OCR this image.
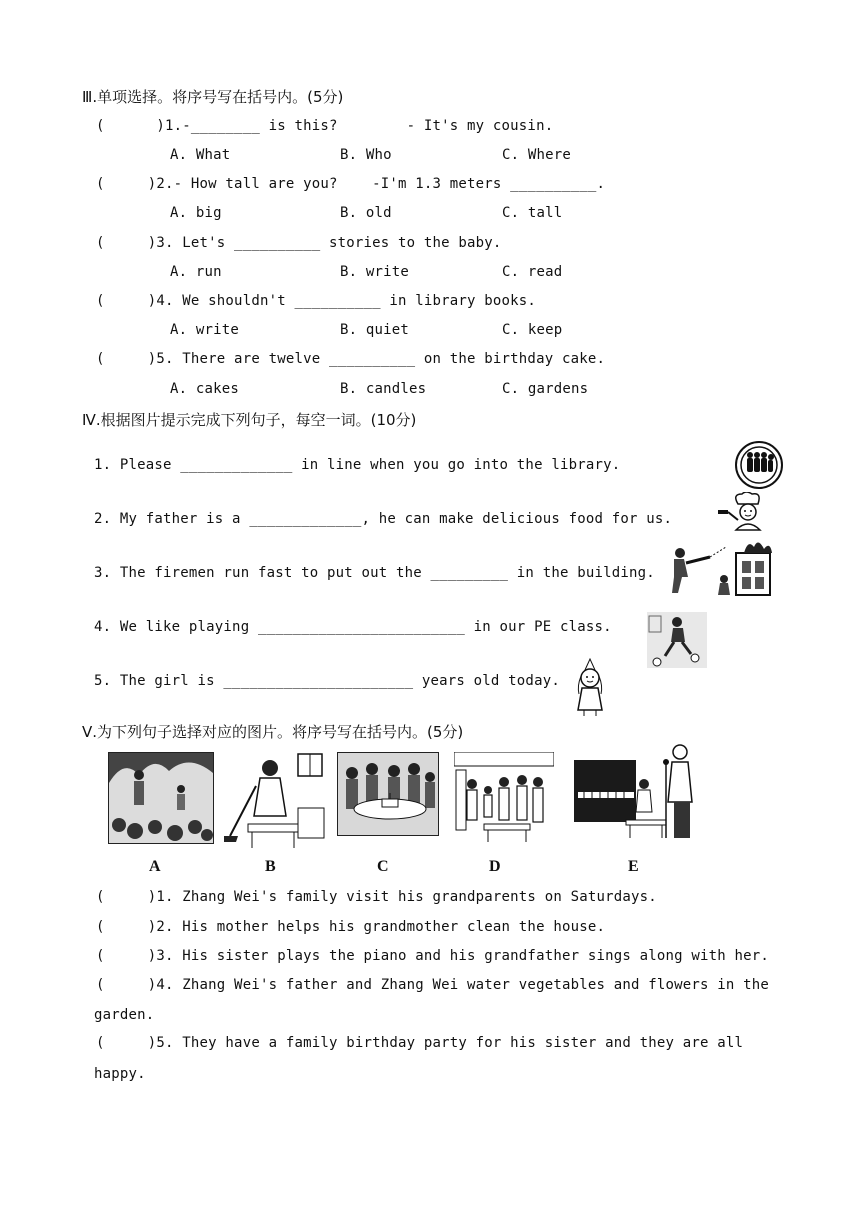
Ⅲ.单项选择。将序号写在括号内。(5分)
(      )1.-________ is this?        - It's my cousin.
A. What	B. Who	C. Where
(     )2.- How tall are you?    -I'm 1.3 meters __________.
A. big	B. old	C. tall
(     )3. Let's __________ stories to the baby.
A. run	B. write	C. read
(     )4. We shouldn't __________ in library books.
A. write	B. quiet	C. keep
(     )5. There are twelve __________ on the birthday cake.
A. cakes	B. candles	C. gardens
Ⅳ.根据图片提示完成下列句子，每空一词。(10分)
1. Please _____________ in line when you go into the library.
2. My father is a _____________, he can make delicious food for us.
3. The firemen run fast to put out the _________ in the building.
4. We like playing ________________________ in our PE class.
5. The girl is ______________________ years old today.
Ⅴ.为下列句子选择对应的图片。将序号写在括号内。(5分)
A	B	C	D	E
(     )1. Zhang Wei's family visit his grandparents on Saturdays.
(     )2. His mother helps his grandmother clean the house.
(     )3. His sister plays the piano and his grandfather sings along with her.
(     )4. Zhang Wei's father and Zhang Wei water vegetables and flowers in the
garden.
(     )5. They have a family birthday party for his sister and they are all
happy.
